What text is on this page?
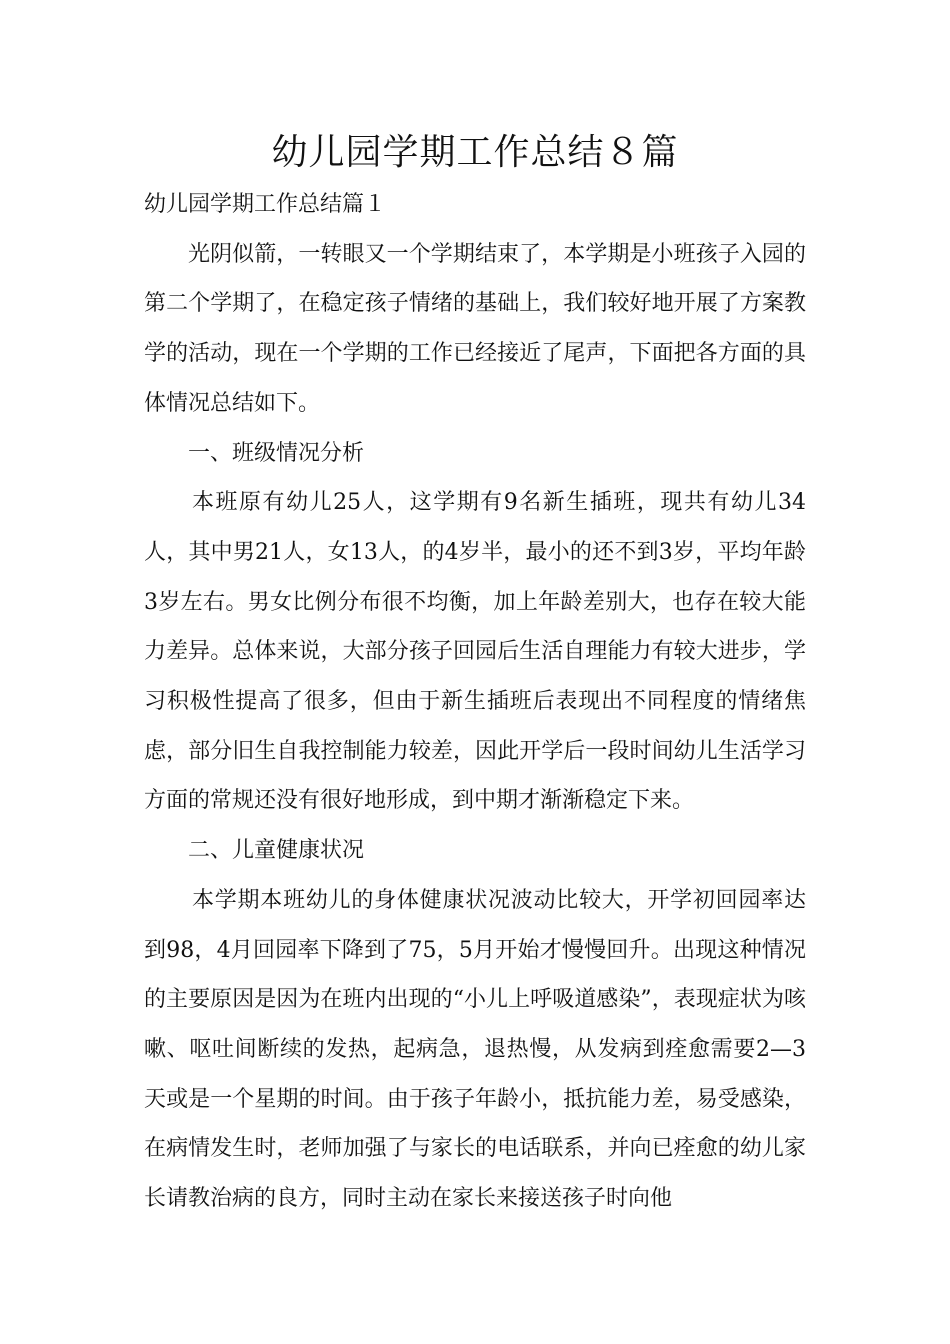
幼儿园学期工作总结８篇

幼儿园学期工作总结篇１

光阴似箭，一转眼又一个学期结束了，本学期是小班孩子入园的第二个学期了，在稳定孩子情绪的基础上，我们较好地开展了方案教学的活动，现在一个学期的工作已经接近了尾声，下面把各方面的具体情况总结如下。

一、班级情况分析

本班原有幼儿25人，这学期有9名新生插班，现共有幼儿34人，其中男21人，女13人，的4岁半，最小的还不到3岁，平均年龄3岁左右。男女比例分布很不均衡，加上年龄差别大，也存在较大能力差异。总体来说，大部分孩子回园后生活自理能力有较大进步，学习积极性提高了很多，但由于新生插班后表现出不同程度的情绪焦虑，部分旧生自我控制能力较差，因此开学后一段时间幼儿生活学习方面的常规还没有很好地形成，到中期才渐渐稳定下来。

二、儿童健康状况

本学期本班幼儿的身体健康状况波动比较大，开学初回园率达到98，4月回园率下降到了75，5月开始才慢慢回升。出现这种情况的主要原因是因为在班内出现的“小儿上呼吸道感染”，表现症状为咳嗽、呕吐间断续的发热，起病急，退热慢，从发病到痊愈需要2—3天或是一个星期的时间。由于孩子年龄小，抵抗能力差，易受感染，在病情发生时，老师加强了与家长的电话联系，并向已痊愈的幼儿家长请教治病的良方，同时主动在家长来接送孩子时向他
